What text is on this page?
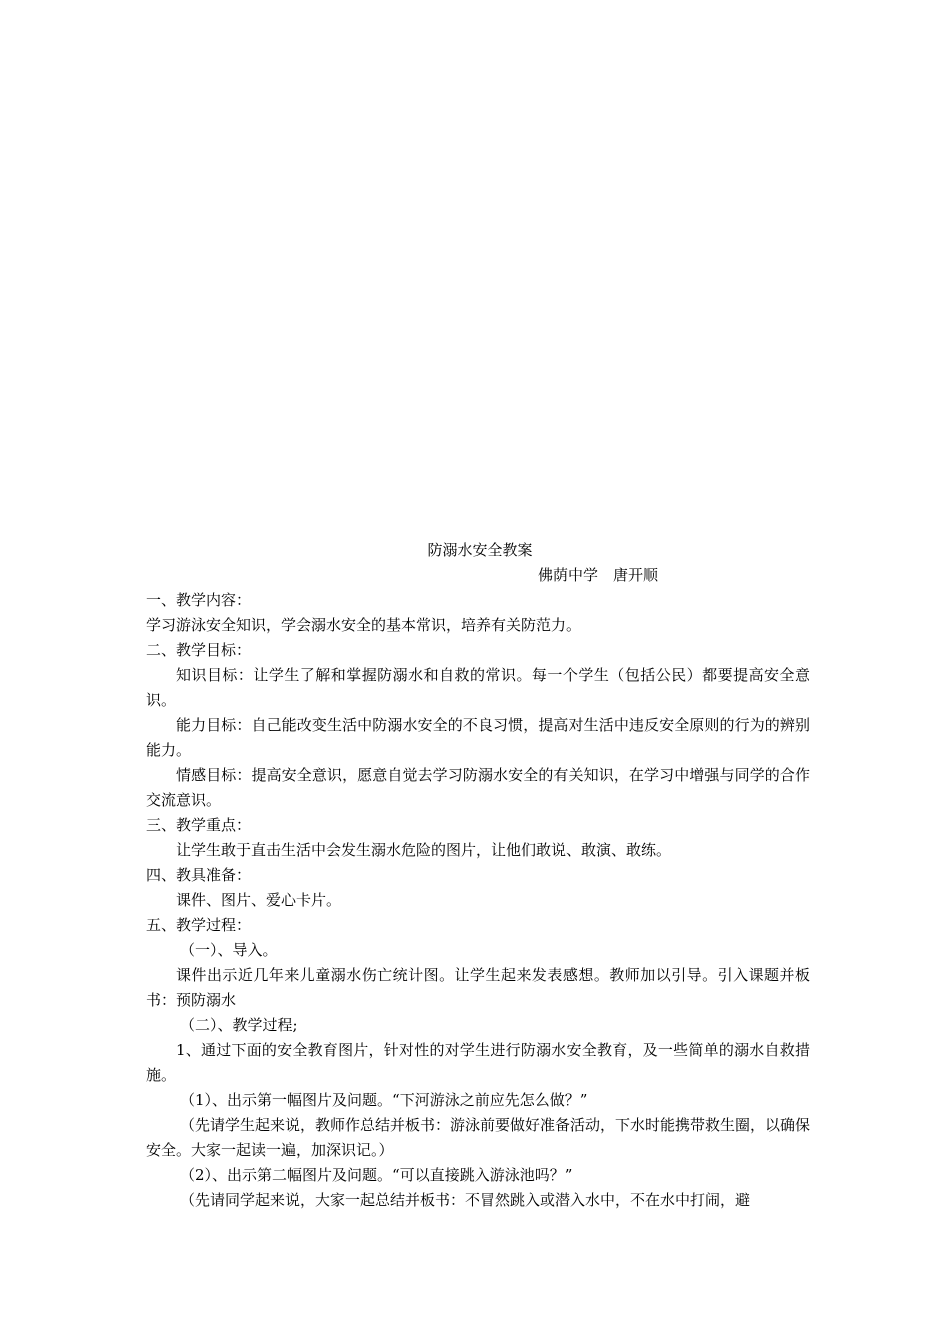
防溺水安全教案
佛荫中学　唐开顺
一、教学内容：
学习游泳安全知识，学会溺水安全的基本常识，培养有关防范力。
二、教学目标：
知识目标：让学生了解和掌握防溺水和自救的常识。每一个学生（包括公民）都要提高安全意识。
能力目标：自己能改变生活中防溺水安全的不良习惯，提高对生活中违反安全原则的行为的辨别能力。
情感目标：提高安全意识，愿意自觉去学习防溺水安全的有关知识，在学习中增强与同学的合作交流意识。
三、教学重点：
让学生敢于直击生活中会发生溺水危险的图片，让他们敢说、敢演、敢练。
四、教具准备：
课件、图片、爱心卡片。
五、教学过程：
（一）、导入。
课件出示近几年来儿童溺水伤亡统计图。让学生起来发表感想。教师加以引导。引入课题并板书：预防溺水
（二）、教学过程;
1、通过下面的安全教育图片，针对性的对学生进行防溺水安全教育，及一些简单的溺水自救措施。
（1）、出示第一幅图片及问题。“下河游泳之前应先怎么做？”
（先请学生起来说，教师作总结并板书：游泳前要做好准备活动，下水时能携带救生圈，以确保安全。大家一起读一遍，加深识记。）
（2）、出示第二幅图片及问题。“可以直接跳入游泳池吗？”
（先请同学起来说，大家一起总结并板书：不冒然跳入或潜入水中，不在水中打闹，避
